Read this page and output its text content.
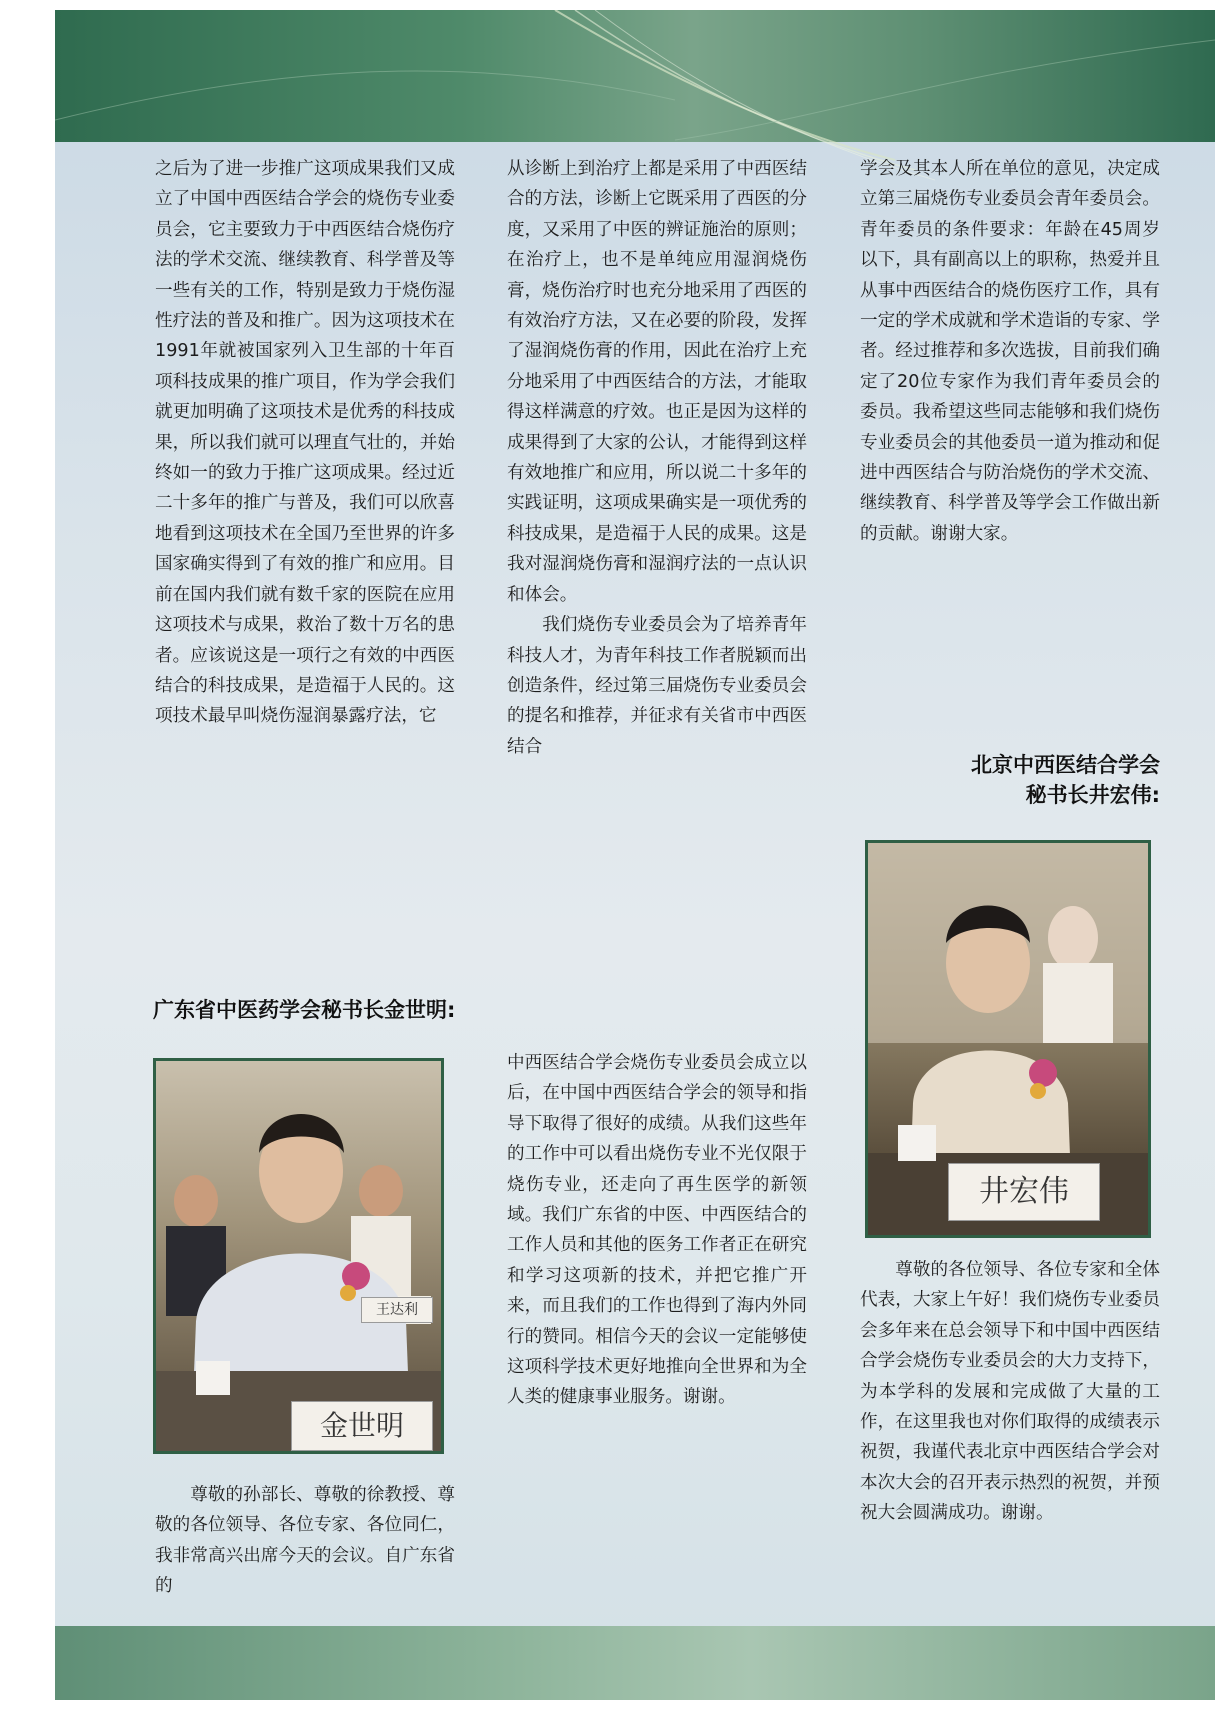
之后为了进一步推广这项成果我们又成立了中国中西医结合学会的烧伤专业委员会，它主要致力于中西医结合烧伤疗法的学术交流、继续教育、科学普及等一些有关的工作，特别是致力于烧伤湿性疗法的普及和推广。因为这项技术在1991年就被国家列入卫生部的十年百项科技成果的推广项目，作为学会我们就更加明确了这项技术是优秀的科技成果，所以我们就可以理直气壮的，并始终如一的致力于推广这项成果。经过近二十多年的推广与普及，我们可以欣喜地看到这项技术在全国乃至世界的许多国家确实得到了有效的推广和应用。目前在国内我们就有数千家的医院在应用这项技术与成果，救治了数十万名的患者。应该说这是一项行之有效的中西医结合的科技成果，是造福于人民的。这项技术最早叫烧伤湿润暴露疗法，它

从诊断上到治疗上都是采用了中西医结合的方法，诊断上它既采用了西医的分度，又采用了中医的辨证施治的原则；在治疗上，也不是单纯应用湿润烧伤膏，烧伤治疗时也充分地采用了西医的有效治疗方法，又在必要的阶段，发挥了湿润烧伤膏的作用，因此在治疗上充分地采用了中西医结合的方法，才能取得这样满意的疗效。也正是因为这样的成果得到了大家的公认，才能得到这样有效地推广和应用，所以说二十多年的实践证明，这项成果确实是一项优秀的科技成果，是造福于人民的成果。这是我对湿润烧伤膏和湿润疗法的一点认识和体会。

我们烧伤专业委员会为了培养青年科技人才，为青年科技工作者脱颖而出创造条件，经过第三届烧伤专业委员会的提名和推荐，并征求有关省市中西医结合

学会及其本人所在单位的意见，决定成立第三届烧伤专业委员会青年委员会。青年委员的条件要求：年龄在45周岁以下，具有副高以上的职称，热爱并且从事中西医结合的烧伤医疗工作，具有一定的学术成就和学术造诣的专家、学者。经过推荐和多次选拔，目前我们确定了20位专家作为我们青年委员会的委员。我希望这些同志能够和我们烧伤专业委员会的其他委员一道为推动和促进中西医结合与防治烧伤的学术交流、继续教育、科学普及等学会工作做出新的贡献。谢谢大家。

北京中西医结合学会
秘书长井宏伟:
井宏伟

尊敬的各位领导、各位专家和全体代表，大家上午好！我们烧伤专业委员会多年来在总会领导下和中国中西医结合学会烧伤专业委员会的大力支持下，为本学科的发展和完成做了大量的工作，在这里我也对你们取得的成绩表示祝贺，我谨代表北京中西医结合学会对本次大会的召开表示热烈的祝贺，并预祝大会圆满成功。谢谢。

广东省中医药学会秘书长金世明:
王达利
金世明

尊敬的孙部长、尊敬的徐教授、尊敬的各位领导、各位专家、各位同仁，我非常高兴出席今天的会议。自广东省的

中西医结合学会烧伤专业委员会成立以后，在中国中西医结合学会的领导和指导下取得了很好的成绩。从我们这些年的工作中可以看出烧伤专业不光仅限于烧伤专业，还走向了再生医学的新领域。我们广东省的中医、中西医结合的工作人员和其他的医务工作者正在研究和学习这项新的技术，并把它推广开来，而且我们的工作也得到了海内外同行的赞同。相信今天的会议一定能够使这项科学技术更好地推向全世界和为全人类的健康事业服务。谢谢。
